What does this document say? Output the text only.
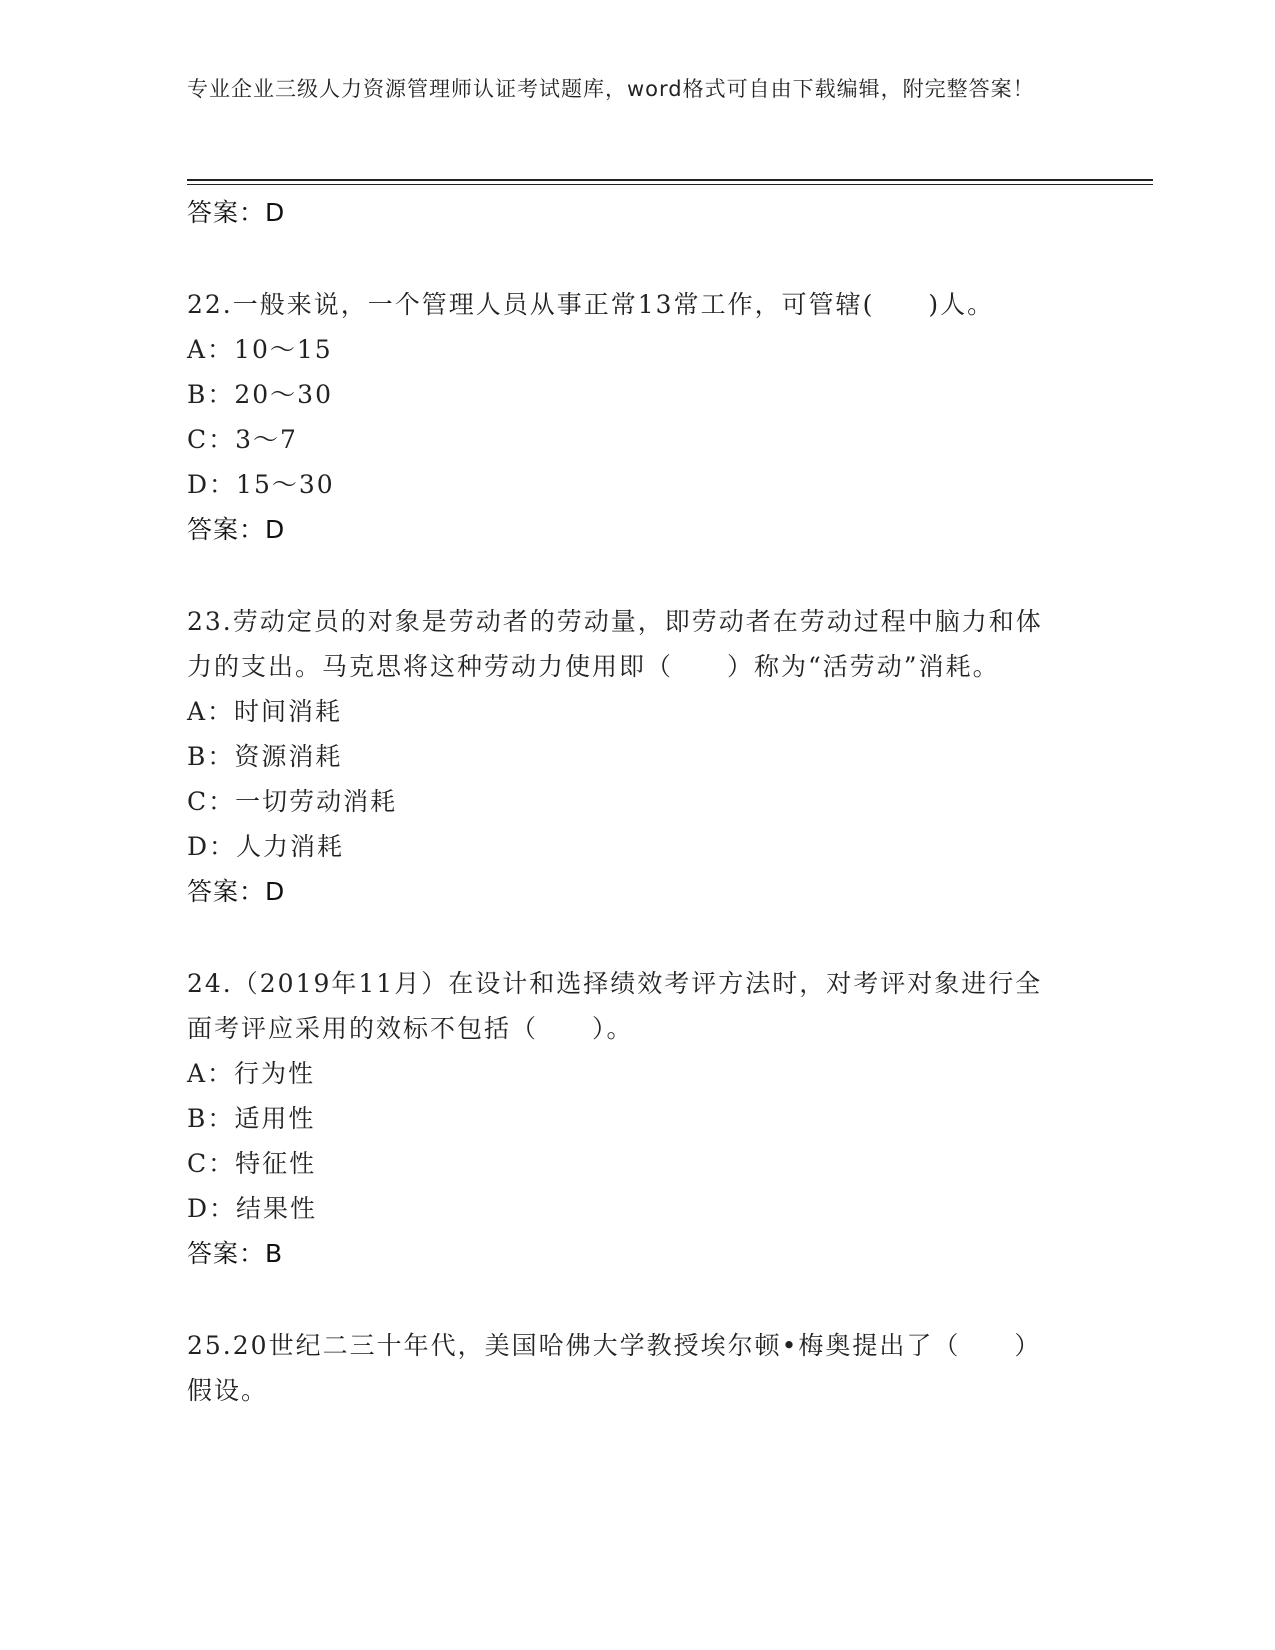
专业企业三级人力资源管理师认证考试题库，word格式可自由下载编辑，附完整答案！
答案：D
22.一般来说，一个管理人员从事正常13常工作，可管辖(　　)人。
A：10～15
B：20～30
C：3～7
D：15～30
答案：D
23.劳动定员的对象是劳动者的劳动量，即劳动者在劳动过程中脑力和体力的支出。马克思将这种劳动力使用即（　　）称为“活劳动”消耗。
A：时间消耗
B：资源消耗
C：一切劳动消耗
D：人力消耗
答案：D
24.（2019年11月）在设计和选择绩效考评方法时，对考评对象进行全面考评应采用的效标不包括（　　）。
A：行为性
B：适用性
C：特征性
D：结果性
答案：B
25.20世纪二三十年代，美国哈佛大学教授埃尔顿•梅奥提出了（　　）假设。
